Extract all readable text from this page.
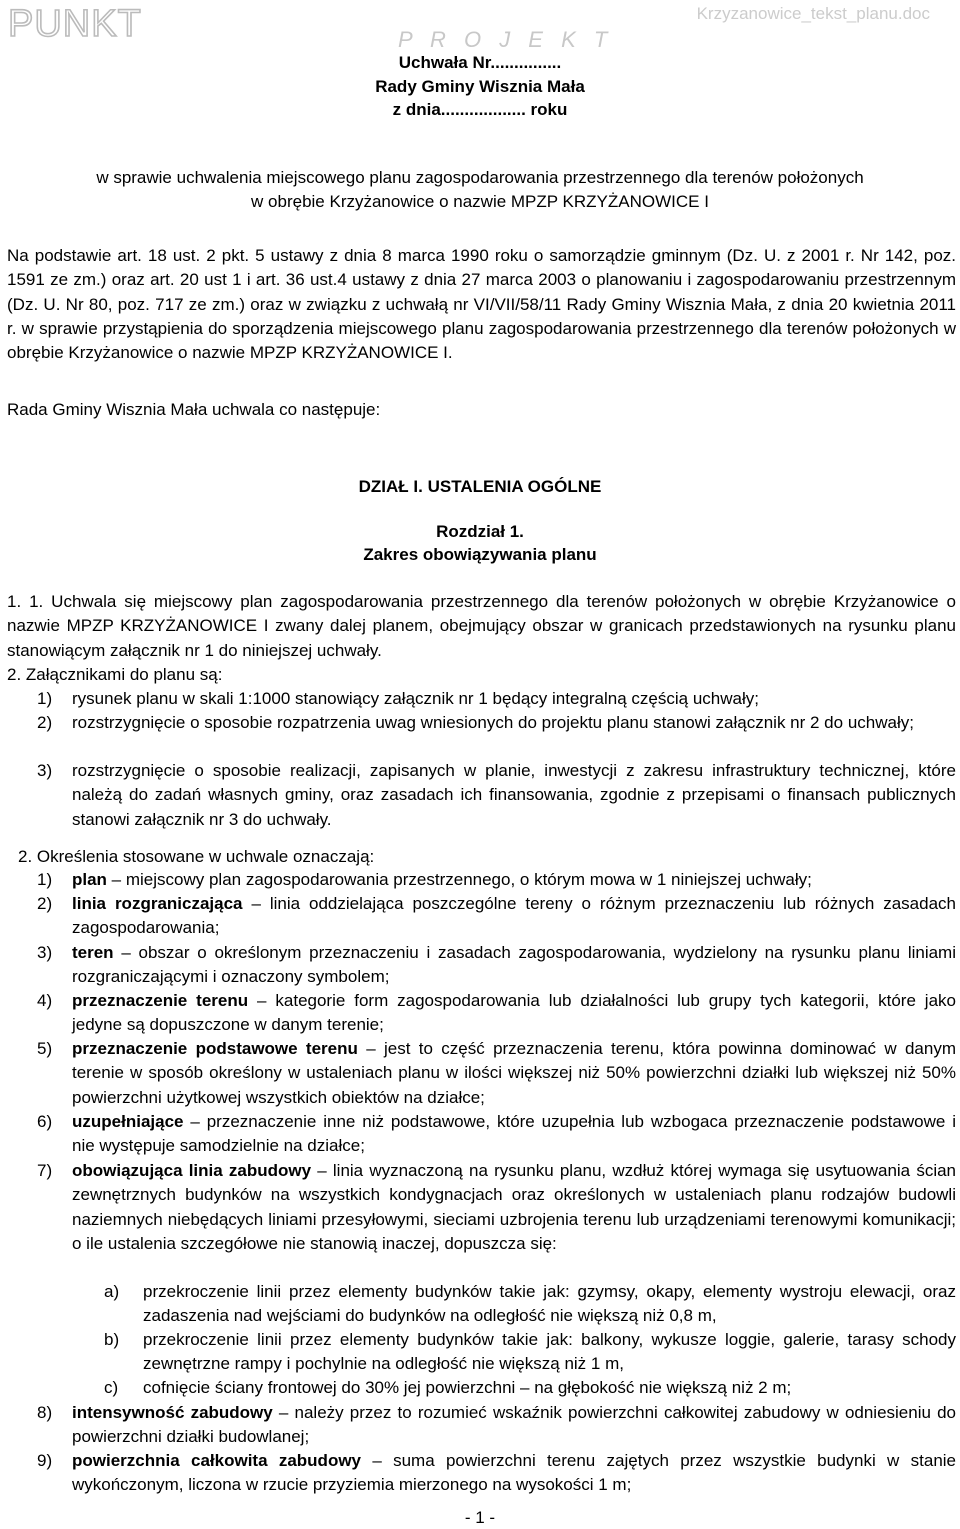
PUNKT	Krzyzanowice_tekst_planu.doc
P R O J E K T
Uchwała Nr...............
Rady Gminy Wisznia Mała
z dnia.................. roku
w sprawie uchwalenia miejscowego planu zagospodarowania przestrzennego dla terenów położonych
w obrębie Krzyżanowice o nazwie MPZP KRZYŻANOWICE I
Na podstawie art. 18 ust. 2 pkt. 5 ustawy z dnia 8 marca 1990 roku o samorządzie gminnym (Dz. U. z 2001 r. Nr 142, poz. 1591 ze zm.) oraz art. 20 ust 1 i art. 36 ust.4 ustawy z dnia 27 marca 2003 o planowaniu i zagospodarowaniu przestrzennym (Dz. U. Nr 80, poz. 717 ze zm.) oraz w związku z uchwałą nr VI/VII/58/11 Rady Gminy Wisznia Mała, z dnia 20 kwietnia 2011 r. w sprawie przystąpienia do sporządzenia miejscowego planu zagospodarowania przestrzennego dla terenów położonych w obrębie Krzyżanowice o nazwie MPZP KRZYŻANOWICE I.
Rada Gminy Wisznia Mała uchwala co następuje:
DZIAŁ I. USTALENIA OGÓLNE
Rozdział 1.
Zakres obowiązywania planu
1. 1. Uchwala się miejscowy plan zagospodarowania przestrzennego dla terenów położonych w obrębie Krzyżanowice o nazwie MPZP KRZYŻANOWICE I zwany dalej planem, obejmujący obszar w granicach przedstawionych na rysunku planu stanowiącym załącznik nr 1 do niniejszej uchwały.
2. Załącznikami do planu są:
1) rysunek planu w skali 1:1000 stanowiący załącznik nr 1 będący integralną częścią uchwały;
2) rozstrzygnięcie o sposobie rozpatrzenia uwag wniesionych do projektu planu stanowi załącznik nr 2 do uchwały;
3) rozstrzygnięcie o sposobie realizacji, zapisanych w planie, inwestycji z zakresu infrastruktury technicznej, które należą do zadań własnych gminy, oraz zasadach ich finansowania, zgodnie z przepisami o finansach publicznych stanowi załącznik nr 3 do uchwały.
2. Określenia stosowane w uchwale oznaczają:
1) plan – miejscowy plan zagospodarowania przestrzennego, o którym mowa w 1 niniejszej uchwały;
2) linia rozgraniczająca – linia oddzielająca poszczególne tereny o różnym przeznaczeniu lub różnych zasadach zagospodarowania;
3) teren – obszar o określonym przeznaczeniu i zasadach zagospodarowania, wydzielony na rysunku planu liniami rozgraniczającymi i oznaczony symbolem;
4) przeznaczenie terenu – kategorie form zagospodarowania lub działalności lub grupy tych kategorii, które jako jedyne są dopuszczone w danym terenie;
5) przeznaczenie podstawowe terenu – jest to część przeznaczenia terenu, która powinna dominować w danym terenie w sposób określony w ustaleniach planu w ilości większej niż 50% powierzchni działki lub większej niż 50% powierzchni użytkowej wszystkich obiektów na działce;
6) uzupełniające – przeznaczenie inne niż podstawowe, które uzupełnia lub wzbogaca przeznaczenie podstawowe i nie występuje samodzielnie na działce;
7) obowiązująca linia zabudowy – linia wyznaczoną na rysunku planu, wzdłuż której wymaga się usytuowania ścian zewnętrznych budynków na wszystkich kondygnacjach oraz określonych w ustaleniach planu rodzajów budowli naziemnych niebędących liniami przesyłowymi, sieciami uzbrojenia terenu lub urządzeniami terenowymi komunikacji; o ile ustalenia szczegółowe nie stanowią inaczej, dopuszcza się:
a) przekroczenie linii przez elementy budynków takie jak: gzymsy, okapy, elementy wystroju elewacji, oraz zadaszenia nad wejściami do budynków na odległość nie większą niż 0,8 m,
b) przekroczenie linii przez elementy budynków takie jak: balkony, wykusze loggie, galerie, tarasy schody zewnętrzne rampy i pochylnie na odległość nie większą niż 1 m,
c) cofnięcie ściany frontowej do 30% jej powierzchni – na głębokość nie większą niż 2 m;
8) intensywność zabudowy – należy przez to rozumieć wskaźnik powierzchni całkowitej zabudowy w odniesieniu do powierzchni działki budowlanej;
9) powierzchnia całkowita zabudowy – suma powierzchni terenu zajętych przez wszystkie budynki w stanie wykończonym, liczona w rzucie przyziemia mierzonego na wysokości 1 m;
- 1 -
